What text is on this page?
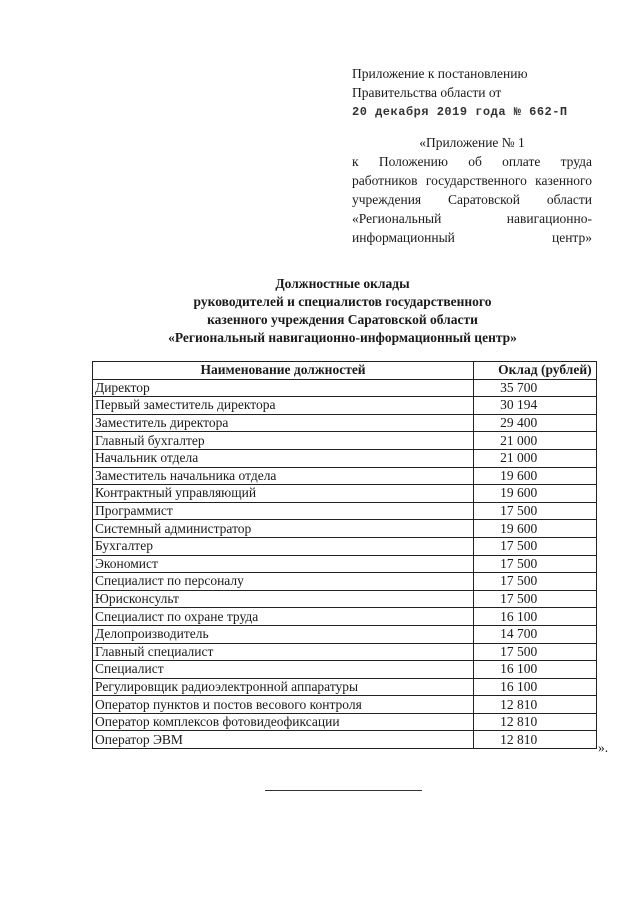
Приложение к постановлению
Правительства области от
20 декабря 2019 года № 662-П
«Приложение № 1
к Положению об оплате труда работников государственного казенного учреждения Саратовской области «Региональный навигационно-информационный центр»
Должностные оклады
руководителей и специалистов государственного
казенного учреждения Саратовской области
«Региональный навигационно-информационный центр»
Наименование должностей	Оклад (рублей)
Директор	35 700
Первый заместитель директора	30 194
Заместитель директора	29 400
Главный бухгалтер	21 000
Начальник отдела	21 000
Заместитель начальника отдела	19 600
Контрактный управляющий	19 600
Программист	17 500
Системный администратор	19 600
Бухгалтер	17 500
Экономист	17 500
Специалист по персоналу	17 500
Юрисконсульт	17 500
Специалист по охране труда	16 100
Делопроизводитель	14 700
Главный специалист	17 500
Специалист	16 100
Регулировщик радиоэлектронной аппаратуры	16 100
Оператор пунктов и постов весового контроля	12 810
Оператор комплексов фотовидеофиксации	12 810
Оператор ЭВМ	12 810
».
